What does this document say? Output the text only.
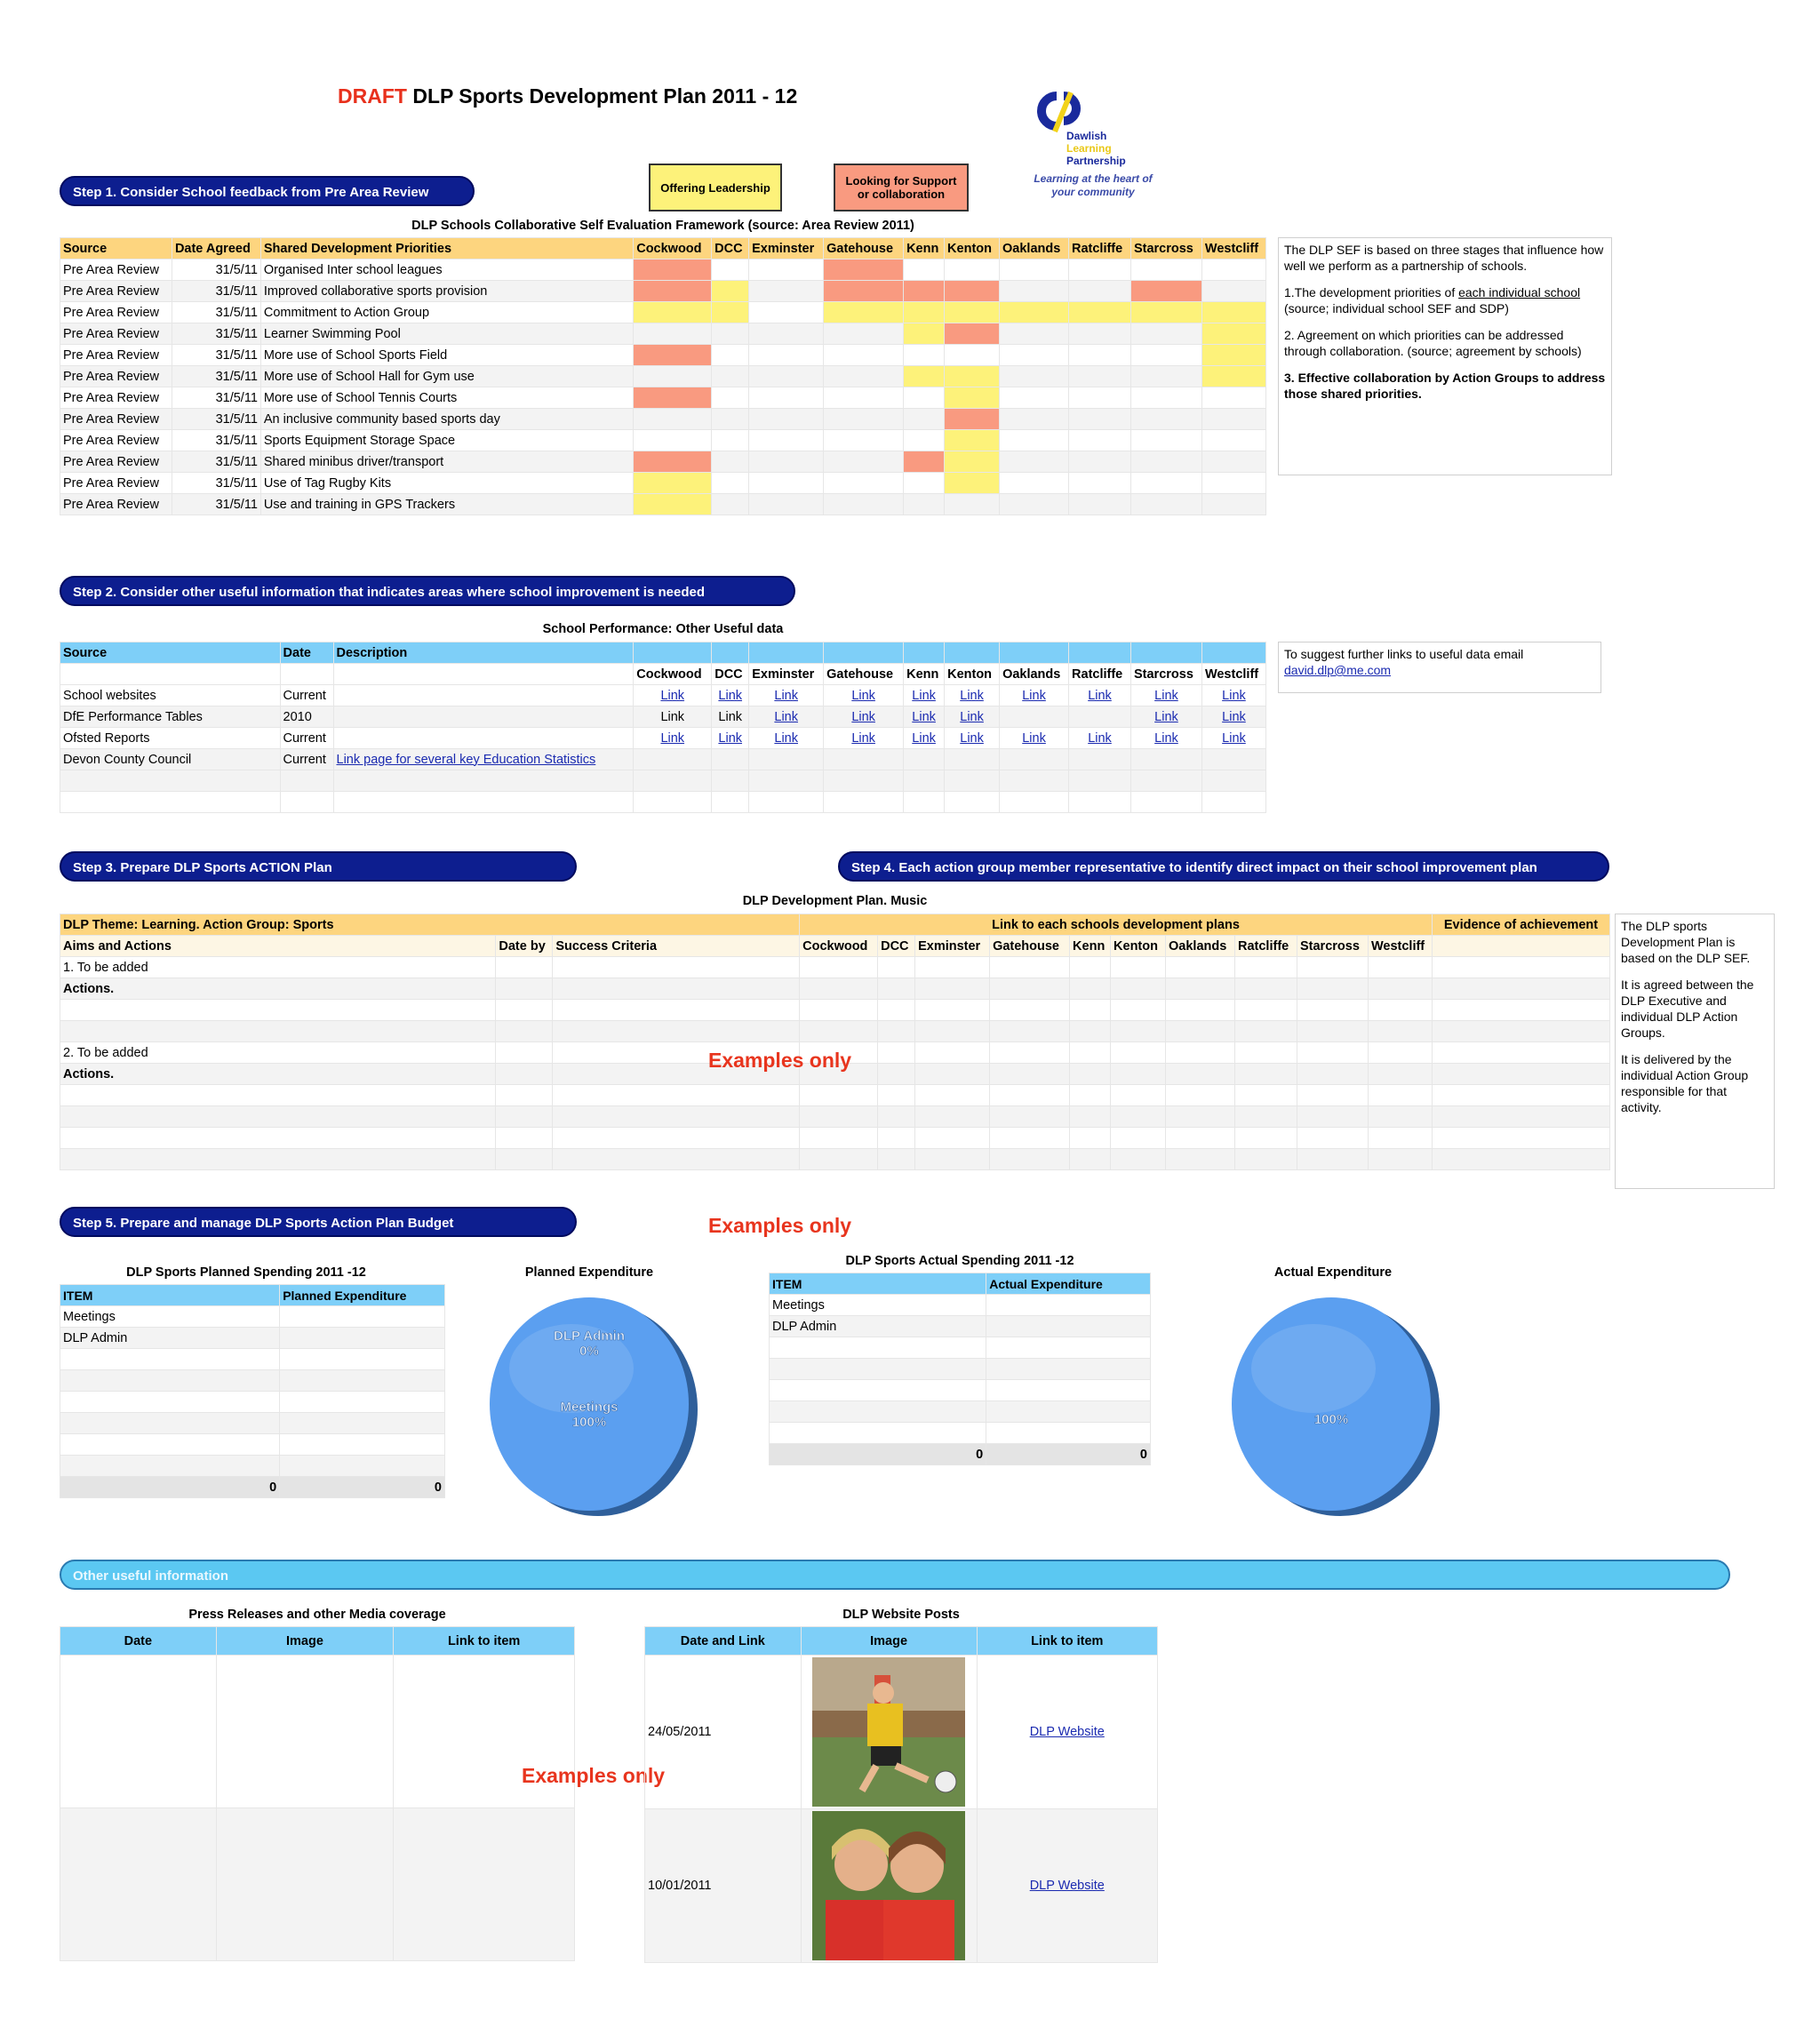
DRAFT DLP Sports Development Plan 2011 - 12
Dawlish
Learning
Partnership
Learning at the heart of
your community
Offering Leadership	Looking for Support
or collaboration
Step 1. Consider School feedback from Pre Area Review
DLP Schools Collaborative Self Evaluation Framework (source: Area Review 2011)
Source	Date Agreed	Shared Development Priorities	Cockwood	DCC	Exminster	Gatehouse	Kenn	Kenton	Oaklands	Ratcliffe	Starcross	Westcliff
Pre Area Review	31/5/11	Organised Inter school leagues										
Pre Area Review	31/5/11	Improved collaborative sports provision										
Pre Area Review	31/5/11	Commitment to Action Group										
Pre Area Review	31/5/11	Learner Swimming Pool										
Pre Area Review	31/5/11	More use of School Sports Field										
Pre Area Review	31/5/11	More use of School Hall for Gym use										
Pre Area Review	31/5/11	More use of School Tennis Courts										
Pre Area Review	31/5/11	An inclusive community based sports day										
Pre Area Review	31/5/11	Sports Equipment Storage Space										
Pre Area Review	31/5/11	Shared minibus driver/transport										
Pre Area Review	31/5/11	Use of Tag Rugby Kits										
Pre Area Review	31/5/11	Use and training in GPS Trackers										

The DLP SEF is based on three stages that influence how well we perform as a partnership of schools.

1.The development priorities of each individual school (source; individual school SEF and SDP)

2. Agreement on which priorities can be addressed through collaboration. (source; agreement by schools)

3. Effective collaboration by Action Groups to address those shared priorities.

Step 2. Consider other useful information that indicates areas where school improvement is needed
School Performance: Other Useful data
Source	Date	Description										
			Cockwood	DCC	Exminster	Gatehouse	Kenn	Kenton	Oaklands	Ratcliffe	Starcross	Westcliff
School websites	Current		Link	Link	Link	Link	Link	Link	Link	Link	Link	Link
DfE Performance Tables	2010		Link	Link	Link	Link	Link	Link			Link	Link
Ofsted Reports	Current		Link	Link	Link	Link	Link	Link	Link	Link	Link	Link
Devon County Council	Current	Link page for several key Education Statistics										

To suggest further links to useful data email
david.dlp@me.com
Step 3. Prepare DLP Sports ACTION Plan	Step 4. Each action group member representative to identify direct impact on their school improvement plan
DLP Development Plan. Music
DLP Theme: Learning. Action Group: Sports			Link to each schools development plans										Evidence of achievement
Aims and Actions	Date by	Success Criteria	Cockwood	DCC	Exminster	Gatehouse	Kenn	Kenton	Oaklands	Ratcliffe	Starcross	Westcliff	
1. To be added													
Actions.													

2. To be added													
Actions.													

The DLP sports Development Plan is based on the DLP SEF.

It is agreed between the DLP Executive and individual DLP Action Groups.

It is delivered by the individual Action Group responsible for that activity.

Examples only
Step 5. Prepare and manage DLP Sports Action Plan Budget	Examples only
DLP Sports Planned Spending 2011 -12
ITEM	Planned Expenditure
Meetings	
DLP Admin	

0	0
DLP Sports Actual Spending 2011 -12
ITEM	Actual Expenditure
Meetings	
DLP Admin	

0	0
Planned Expenditure
DLP Admin
0%
Meetings
100%
Actual Expenditure
100%
Other useful information
Press Releases and other Media coverage
Date	Image	Link to item

Examples only
DLP Website Posts
Date and Link	Image	Link to item
24/05/2011		DLP Website
10/01/2011		DLP Website
